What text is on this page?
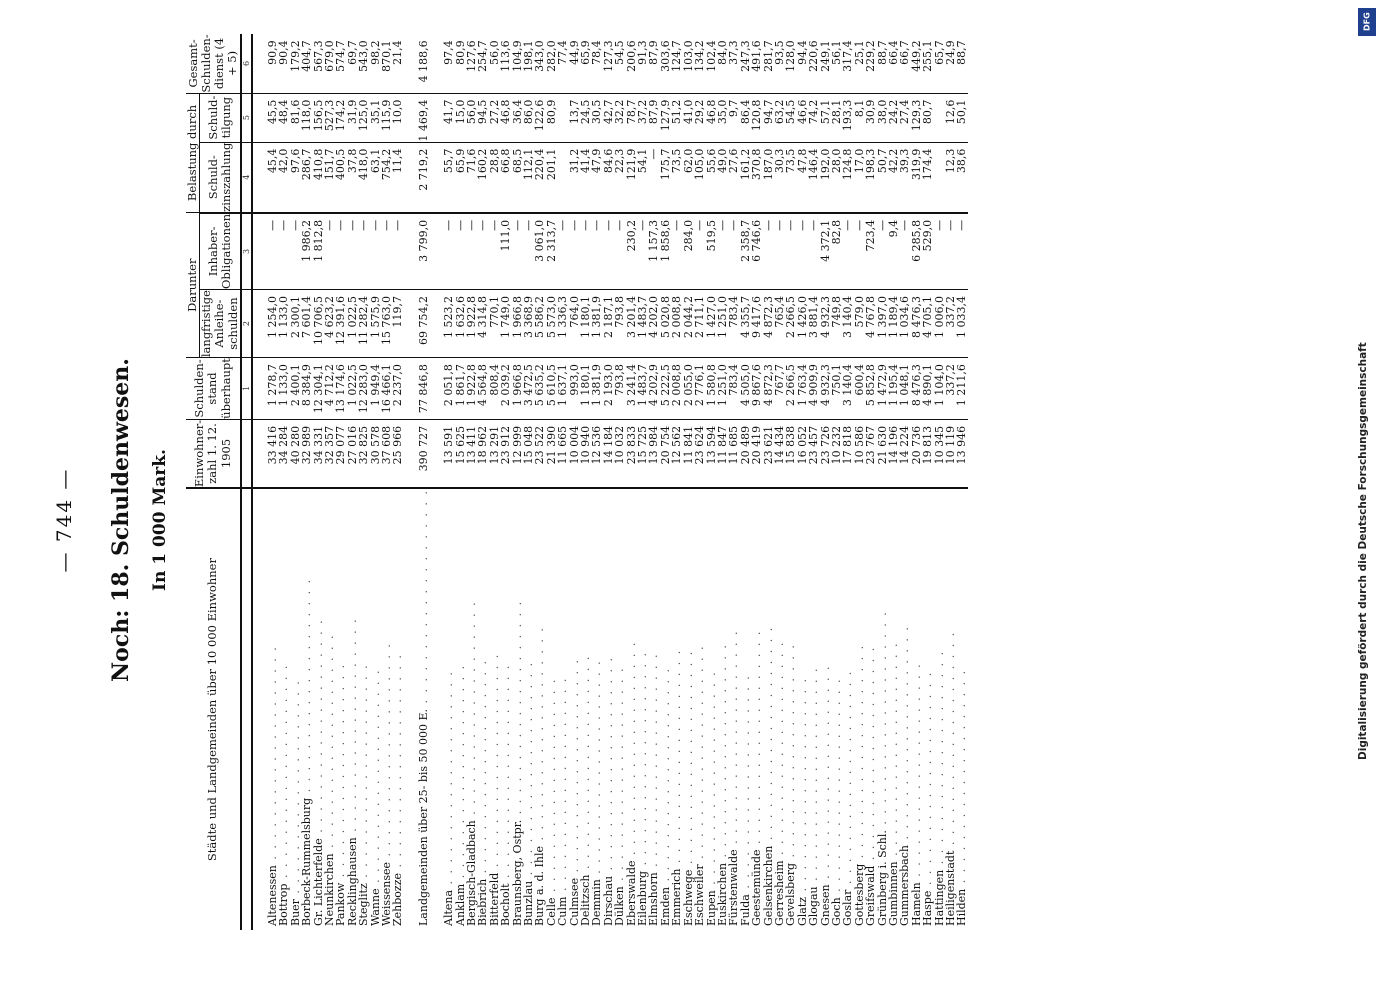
— 744 — Noch: 18. Schuldenwesen. In 1 000 Mark.
Städte und Landgemeinden über 10 000 Einwohner	Einwohner-zahl 1. 12. 1905	Schulden-stand überhaupt	Darunter		Belastung durch		Gesamt-Schulden-dienst (4 + 5)
			langfristige Anleihe-schulden	Inhaber-Obligationen	Schuld-zinszahlung	Schuld-tilgung	
		1	2	3	4	5	6

Altenessen . . . . . . . . . . . . . . . . . . . .	33 416	1 278,7	1 254,0	—	45,4	45,5	90,9
Bottrop . . . . . . . . . . . . . . . . . . . .	34 284	1 133,0	1 133,0	—	42,0	48,4	90,4
Buer . . . . . . . . . . . . . . . . . . . .	40 280	2 400,1	2 300,1	—	97,6	81,6	179,2
Borbeck-Rummelsburg . . . . . . . . . . . . . . . . . . . .	32 989	8 384,9	7 601,4	1 986,2	286,7	118,0	404,7
Gr. Lichterfelde . . . . . . . . . . . . . . . . . . . .	34 331	12 304,1	10 706,5	1 812,8	410,8	156,5	567,3
Neunkirchen . . . . . . . . . . . . . . . . . . . .	32 357	4 712,2	4 623,2	—	151,7	527,3	679,0
Pankow . . . . . . . . . . . . . . . . . . . .	29 077	13 174,6	12 391,6	—	400,5	174,2	574,7
Recklinghausen . . . . . . . . . . . . . . . . . . . .	27 016	1 022,5	1 022,5	—	37,8	31,9	69,7
Steglitz . . . . . . . . . . . . . . . . . . . .	32 825	12 283,0	11 282,4	—	418,0	125,0	543,0
Wanne . . . . . . . . . . . . . . . . . . . .	30 578	1 949,4	1 575,9	—	63,1	35,1	98,2
Weissensee . . . . . . . . . . . . . . . . . . . .	37 608	16 466,1	15 763,0	—	754,2	115,9	870,1
Zehbozze . . . . . . . . . . . . . . . . . . . .	25 966	2 237,0	119,7	—	11,4	10,0	21,4

Landgemeinden über 25- bis 50 000 E. . . . . . . . . . . . . . . . . . . . .	390 727	77 846,8	69 754,2	3 799,0	2 719,2	1 469,4	4 188,6

Altena . . . . . . . . . . . . . . . . . . . .	13 591	2 051,8	1 523,2	—	55,7	41,7	97,4
Anklam . . . . . . . . . . . . . . . . . . . .	15 625	1 861,7	1 632,6	—	65,9	15,0	80,9
Bergisch-Gladbach . . . . . . . . . . . . . . . . . . . .	13 411	1 922,8	1 922,8	—	71,6	56,0	127,6
Biebrich . . . . . . . . . . . . . . . . . . . .	18 962	4 564,8	4 314,8	—	160,2	94,5	254,7
Bitterfeld . . . . . . . . . . . . . . . . . . . .	13 291	808,4	770,1	—	28,8	27,2	56,0
Bocholt . . . . . . . . . . . . . . . . . . . .	23 912	2 039,2	1 749,0	111,0	66,8	46,8	113,6
Braunsberg, Ostpr. . . . . . . . . . . . . . . . . . . . .	12 999	1 966,8	1 966,8	—	68,5	36,4	104,9
Bunzlau . . . . . . . . . . . . . . . . . . . .	15 048	3 472,5	3 368,9	—	112,1	86,0	198,1
Burg a. d. Ihle . . . . . . . . . . . . . . . . . . . .	23 522	5 635,2	5 586,2	3 061,0	220,4	122,6	343,0
Celle . . . . . . . . . . . . . . . . . . . .	21 390	5 610,5	5 573,0	2 313,7	201,1	80,9	282,0
Culm . . . . . . . . . . . . . . . . . . . .	11 665	1 637,1	1 336,3	—			77,4
Culmsee . . . . . . . . . . . . . . . . . . . .	10 004	993,0	764,0	—	31,2	13,7	44,9
Delitzsch . . . . . . . . . . . . . . . . . . . .	10 940	1 180,1	1 180,1	—	41,4	24,5	65,9
Demmin . . . . . . . . . . . . . . . . . . . .	12 536	1 381,9	1 381,9	—	47,9	30,5	78,4
Dirschau . . . . . . . . . . . . . . . . . . . .	14 184	2 193,0	2 187,1	—	84,6	42,7	127,3
Dülken . . . . . . . . . . . . . . . . . . . .	10 032	793,8	793,8	—	22,3	32,2	54,5
Eberswalde . . . . . . . . . . . . . . . . . . . .	23 833	3 241,4	3 201,4	230,2	121,9	78,7	200,6
Eilenburg . . . . . . . . . . . . . . . . . . . .	15 725	1 483,7	1 483,7	—	54,1	37,2	91,3
Elmshorn . . . . . . . . . . . . . . . . . . . .	13 984	4 202,9	4 202,0	1 157,3	—	87,9	87,9
Emden . . . . . . . . . . . . . . . . . . . .	20 754	5 222,5	5 020,8	1 858,6	175,7	127,9	303,6
Emmerich . . . . . . . . . . . . . . . . . . . .	12 562	2 008,8	2 008,8	—	73,5	51,2	124,7
Eschwege . . . . . . . . . . . . . . . . . . . .	11 841	2 055,0	2 044,2	284,0	62,0	41,0	103,0
Eschweiler . . . . . . . . . . . . . . . . . . . .	23 624	2 776,1	2 711,1	—	105,0	29,2	134,2
Eupen . . . . . . . . . . . . . . . . . . . .	13 594	1 580,8	1 427,0	519,5	55,6	46,8	102,4
Euskirchen . . . . . . . . . . . . . . . . . . . .	11 847	1 251,0	1 251,0	—	49,0	35,0	84,0
Fürstenwalde . . . . . . . . . . . . . . . . . . . .	11 685	783,4	783,4	—	27,6	9,7	37,3
Fulda . . . . . . . . . . . . . . . . . . . .	20 489	4 505,0	4 355,7	2 358,7	161,2	86,4	247,3
Geestemünde . . . . . . . . . . . . . . . . . . . .	20 419	9 867,6	9 417,6	6 746,6	370,8	120,8	491,6
Gelsenkirchen . . . . . . . . . . . . . . . . . . . .	23 621	4 872,3	4 872,3	—	187,0	94,7	281,7
Gerresheim . . . . . . . . . . . . . . . . . . . .	14 434	767,7	765,4	—	30,3	63,2	93,5
Gevelsberg . . . . . . . . . . . . . . . . . . . .	15 838	2 266,5	2 266,5	—	73,5	54,5	128,0
Glatz . . . . . . . . . . . . . . . . . . . .	16 052	1 763,4	1 426,0	—	47,8	46,6	94,4
Glogau . . . . . . . . . . . . . . . . . . . .	23 457	4 909,9	3 881,4	—	146,4	74,2	220,6
Gnesen . . . . . . . . . . . . . . . . . . . .	23 726	4 932,3	4 932,3	4 372,1	192,0	57,1	249,1
Goch . . . . . . . . . . . . . . . . . . . .	10 232	750,1	749,8	82,8	28,0	28,1	56,1
Goslar . . . . . . . . . . . . . . . . . . . .	17 818	3 140,4	3 140,4	—	124,8	193,3	317,4
Gottesberg . . . . . . . . . . . . . . . . . . . .	10 586	600,4	579,0	—	17,0	8,1	25,1
Greifswald . . . . . . . . . . . . . . . . . . . .	23 767	5 852,8	4 767,8	723,4	198,3	30,9	229,2
Grünberg i. Schl. . . . . . . . . . . . . . . . . . . . .	21 630	1 472,9	1 397,0	—	50,7	38,0	88,7
Gumbinnen . . . . . . . . . . . . . . . . . . . .	14 196	1 195,4	1 189,4	9,4	42,2	24,2	66,4
Gummersbach . . . . . . . . . . . . . . . . . . . .	14 224	1 048,1	1 034,6	—	39,3	27,4	66,7
Hameln . . . . . . . . . . . . . . . . . . . .	20 736	8 476,3	8 476,3	6 285,8	319,9	129,3	449,2
Haspe . . . . . . . . . . . . . . . . . . . .	19 813	4 890,1	4 705,1	529,0	174,4	80,7	255,1
Hattingen . . . . . . . . . . . . . . . . . . . .	10 345	1 104,0	1 006,0	—			65,7
Heiligenstadt . . . . . . . . . . . . . . . . . . . .	10 119	337,2	337,2	—	12,3	12,6	24,9
Hilden . . . . . . . . . . . . . . . . . . . .	13 946	1 211,6	1 033,4	—	38,6	50,1	88,7
DFG
Digitalisierung gefördert durch die Deutsche Forschungsgemeinschaft
